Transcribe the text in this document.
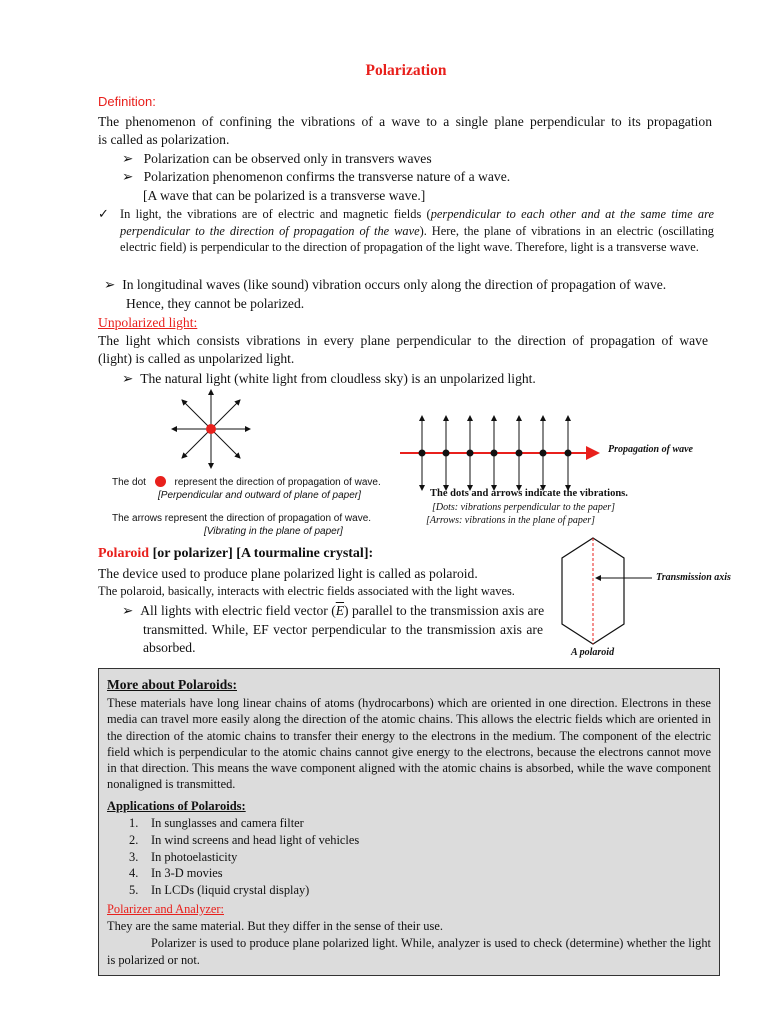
Polarization
Definition:
The phenomenon of confining the vibrations of a wave to a single plane perpendicular to its propagation
is called as polarization.
➢ Polarization can be observed only in transvers waves
➢ Polarization phenomenon confirms the transverse nature of a wave.
[A wave that can be polarized is a transverse wave.]
✓ In light, the vibrations are of electric and magnetic fields (perpendicular to each other and at the same time are perpendicular to the direction of propagation of the wave). Here, the plane of vibrations in an electric (oscillating electric field) is perpendicular to the direction of propagation of the light wave. Therefore, light is a transverse wave.
➢ In longitudinal waves (like sound) vibration occurs only along the direction of propagation of wave.
Hence, they cannot be polarized.
Unpolarized light:
The light which consists vibrations in every plane perpendicular to the direction of propagation of wave
(light) is called as unpolarized light.
➢ The natural light (white light from cloudless sky) is an unpolarized light.
The dot	represent the direction of propagation of wave.
[Perpendicular and outward of plane of paper]
The arrows represent the direction of propagation of wave.
[Vibrating in the plane of paper]
Propagation of wave
The dots and arrows indicate the vibrations.
[Dots: vibrations perpendicular to the paper]
[Arrows: vibrations in the plane of paper]
Polaroid [or polarizer] [A tourmaline crystal]:
The device used to produce plane polarized light is called as polaroid.
The polaroid, basically, interacts with electric fields associated with the light waves.
➢ All lights with electric field vector $(\overline{E})$ parallel to the transmission axis are
transmitted. While, EF vector perpendicular to the transmission axis are
absorbed.
Transmission axis
A polaroid
More about Polaroids:
These materials have long linear chains of atoms (hydrocarbons) which are oriented in one direction. Electrons in these media can travel more easily along the direction of the atomic chains. This allows the electric fields which are oriented in the direction of the atomic chains to transfer their energy to the electrons in the medium. The component of the electric field which is perpendicular to the atomic chains cannot give energy to the electrons, because the electrons cannot move in that direction. This means the wave component aligned with the atomic chains is absorbed, while the wave component nonaligned is transmitted.
Applications of Polaroids:
1. In sunglasses and camera filter
2. In wind screens and head light of vehicles
3. In photoelasticity
4. In 3-D movies
5. In LCDs (liquid crystal display)
Polarizer and Analyzer:
They are the same material. But they differ in the sense of their use.
Polarizer is used to produce plane polarized light. While, analyzer is used to check (determine) whether the light is polarized or not.
